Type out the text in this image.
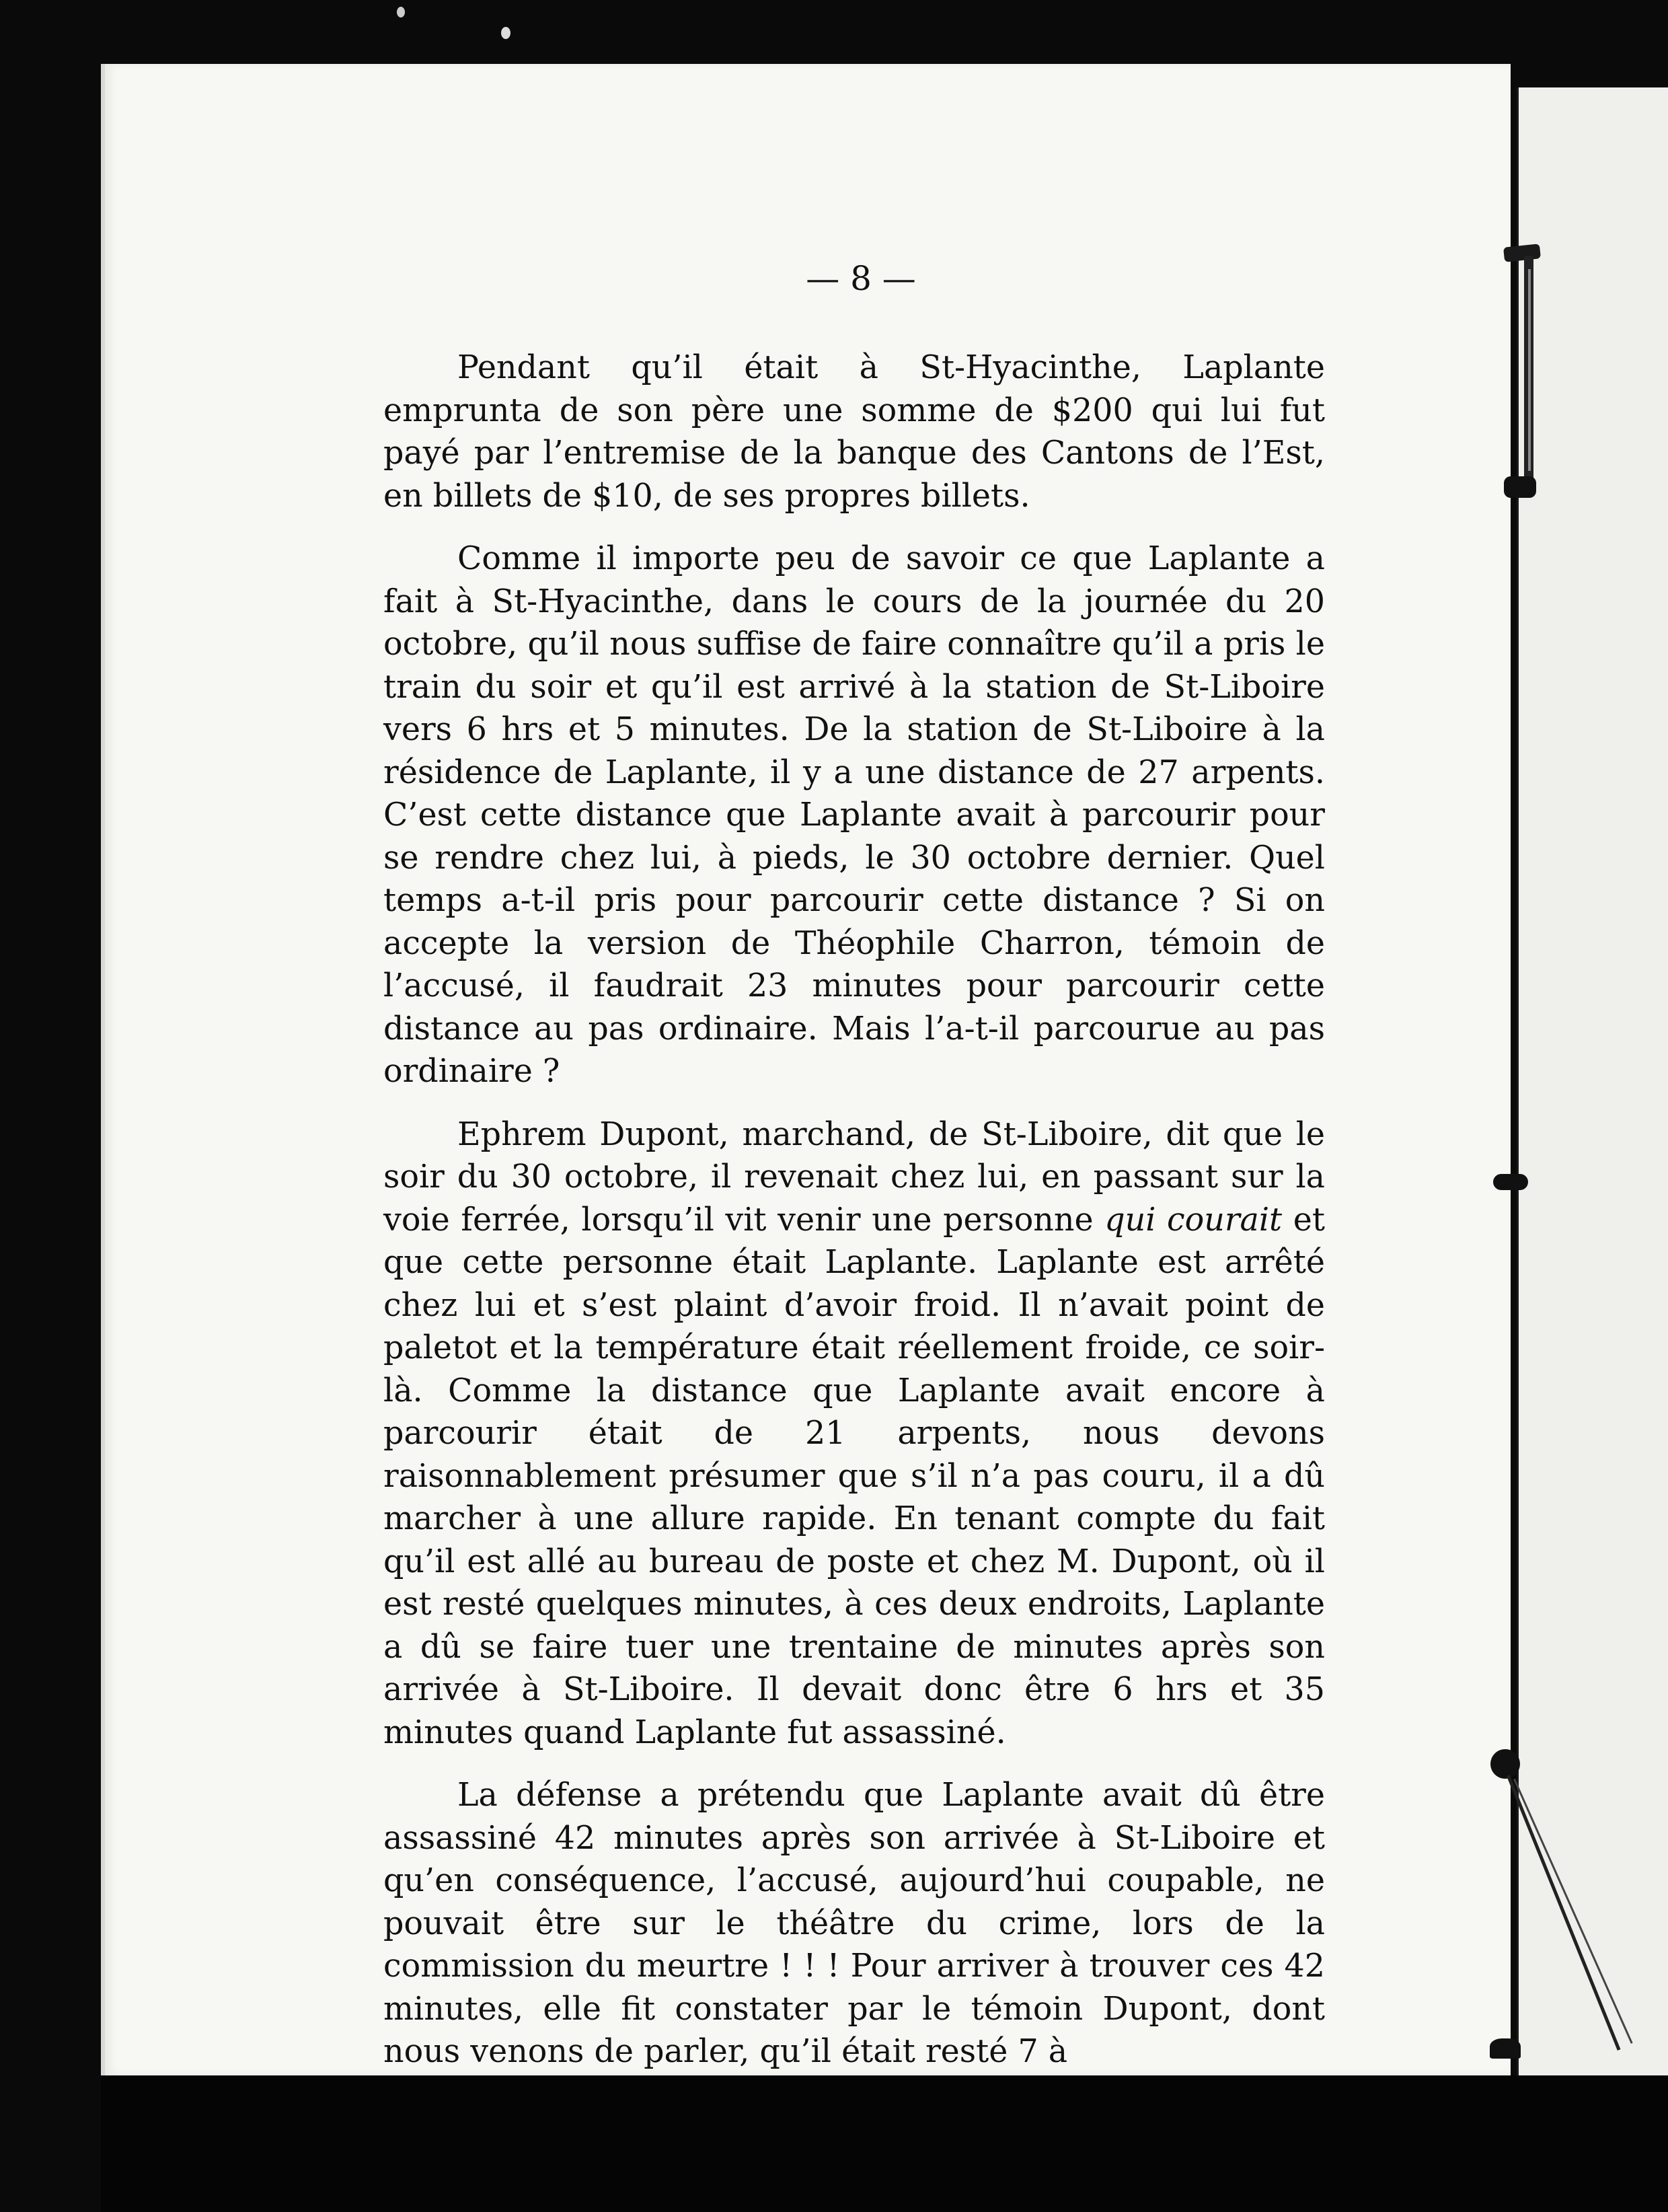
— 8 —

Pendant qu’il était à St-Hyacinthe, Laplante emprunta de son père une somme de $200 qui lui fut payé par l’entremise de la banque des Cantons de l’Est, en billets de $10, de ses propres billets.

Comme il importe peu de savoir ce que Laplante a fait à St-Hyacinthe, dans le cours de la journée du 20 octobre, qu’il nous suffise de faire connaître qu’il a pris le train du soir et qu’il est arrivé à la station de St-Liboire vers 6 hrs et 5 minutes. De la station de St-Liboire à la résidence de Laplante, il y a une distance de 27 arpents. C’est cette distance que Laplante avait à parcourir pour se rendre chez lui, à pieds, le 30 octobre dernier. Quel temps a-t-il pris pour parcourir cette distance ? Si on accepte la version de Théophile Charron, témoin de l’accusé, il faudrait 23 minutes pour parcourir cette distance au pas ordinaire. Mais l’a-t-il parcourue au pas ordinaire ?

Ephrem Dupont, marchand, de St-Liboire, dit que le soir du 30 octobre, il revenait chez lui, en passant sur la voie ferrée, lorsqu’il vit venir une personne qui courait et que cette personne était Laplante. Laplante est arrêté chez lui et s’est plaint d’avoir froid. Il n’avait point de paletot et la température était réellement froide, ce soir-là. Comme la distance que Laplante avait encore à parcourir était de 21 arpents, nous devons raisonnablement présumer que s’il n’a pas couru, il a dû marcher à une allure rapide. En tenant compte du fait qu’il est allé au bureau de poste et chez M. Dupont, où il est resté quelques minutes, à ces deux endroits, Laplante a dû se faire tuer une trentaine de minutes après son arrivée à St-Liboire. Il devait donc être 6 hrs et 35 minutes quand Laplante fut assassiné.

La défense a prétendu que Laplante avait dû être assassiné 42 minutes après son arrivée à St-Liboire et qu’en conséquence, l’accusé, aujourd’hui coupable, ne pouvait être sur le théâtre du crime, lors de la commission du meurtre ! ! ! Pour arriver à trouver ces 42 minutes, elle fit constater par le témoin Dupont, dont nous venons de parler, qu’il était resté 7 à
